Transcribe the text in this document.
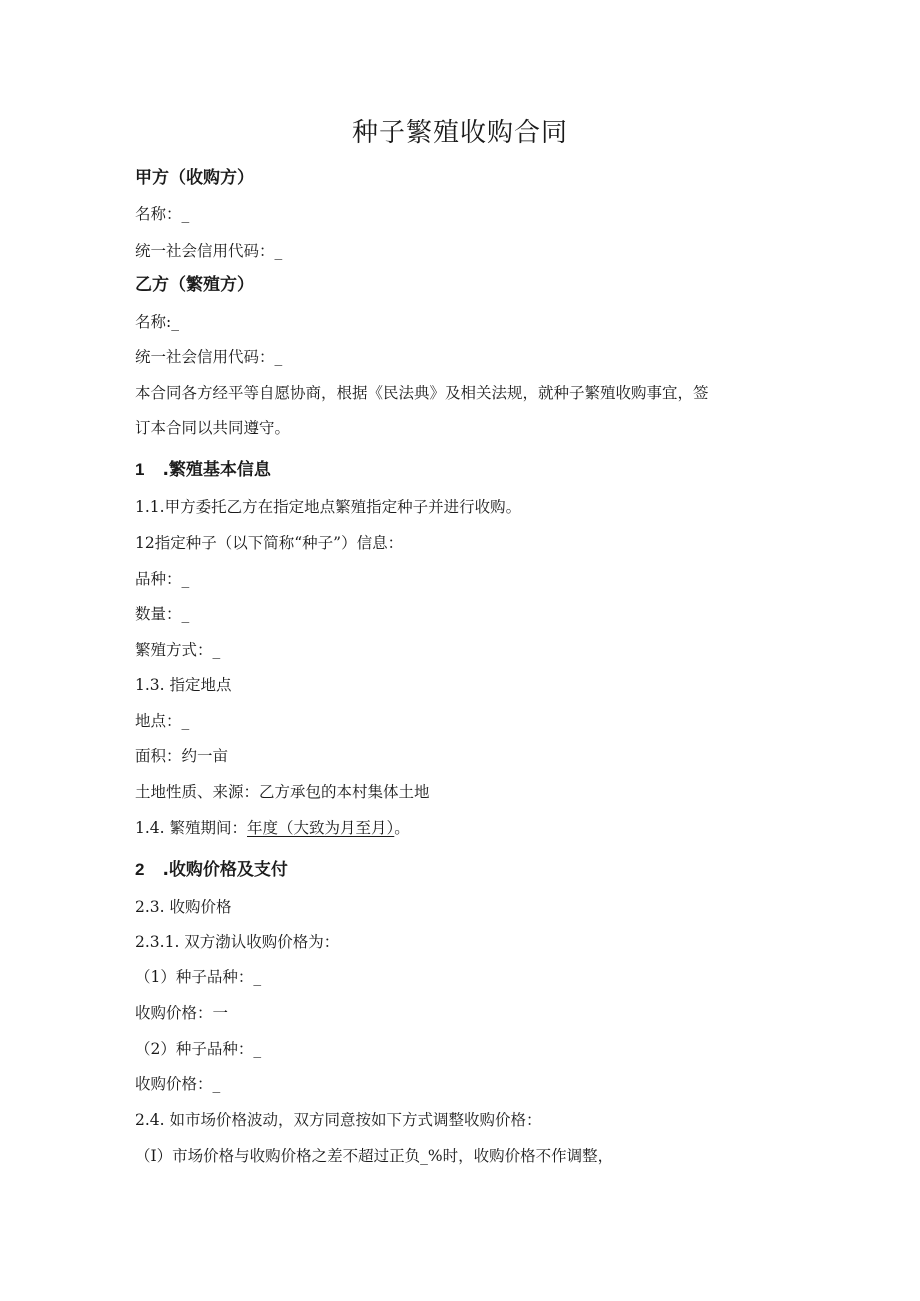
种子繁殖收购合同
甲方（收购方）
名称：_
统一社会信用代码：_
乙方（繁殖方）
名称:_
统一社会信用代码：_
本合同各方经平等自愿协商，根据《民法典》及相关法规，就种子繁殖收购事宜，签
订本合同以共同遵守。
1 .繁殖基本信息
1.1.甲方委托乙方在指定地点繁殖指定种子并进行收购。
12指定种子（以下简称“种子”）信息：
品种：_
数量：_
繁殖方式：_
1.3. 指定地点
地点：_
面积：约一亩
土地性质、来源：乙方承包的本村集体土地
1.4. 繁殖期间：年度（大致为月至月）。
2 .收购价格及支付
2.3. 收购价格
2.3.1. 双方渤认收购价格为：
（1）种子品种：_
收购价格：一
（2）种子品种：_
收购价格：_
2.4. 如市场价格波动，双方同意按如下方式调整收购价格：
（I）市场价格与收购价格之差不超过正负_%时，收购价格不作调整，
